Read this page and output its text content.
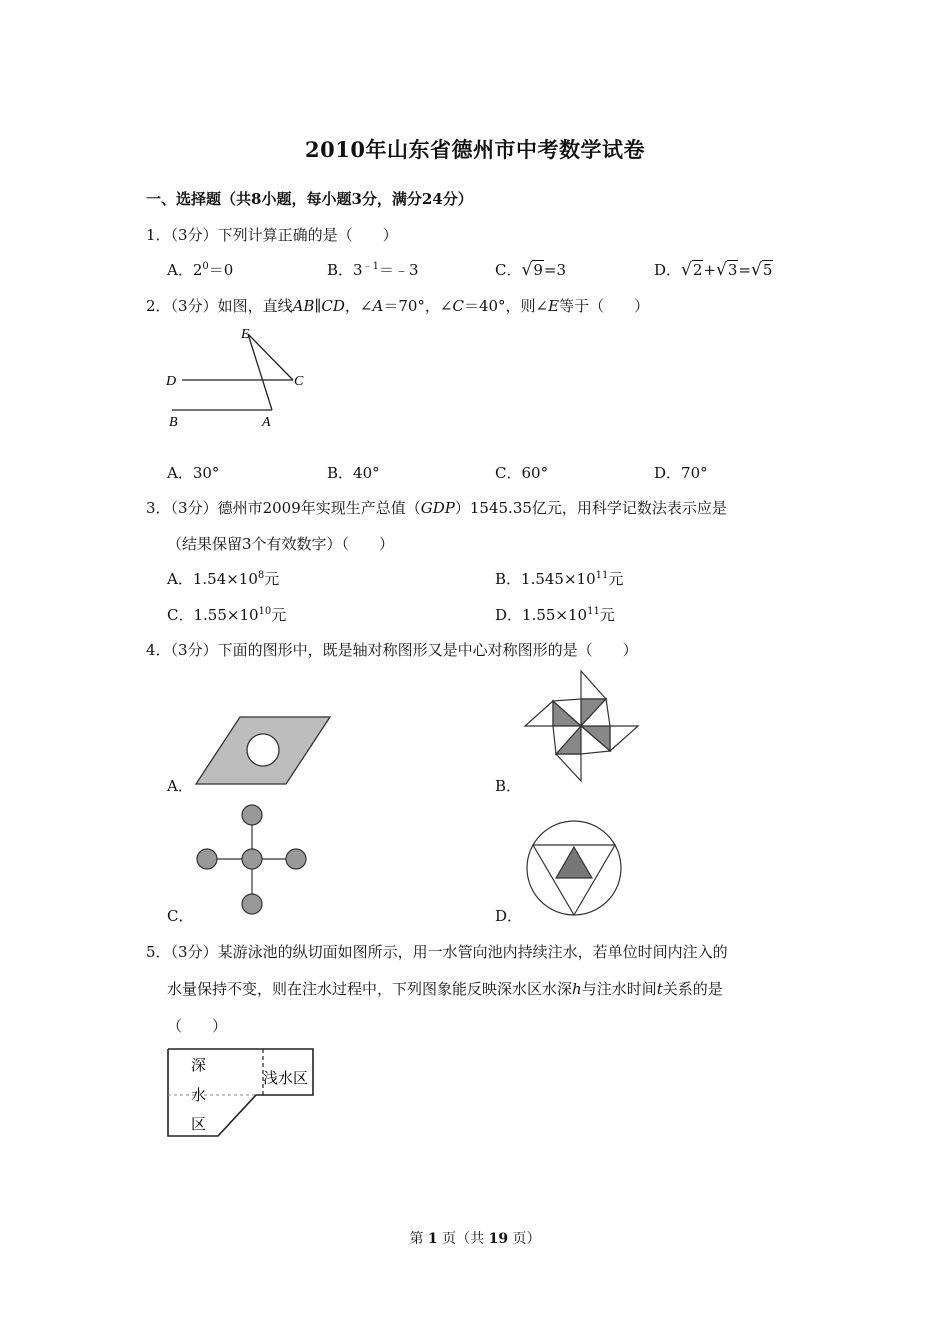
2010年山东省德州市中考数学试卷
一、选择题（共8小题，每小题3分，满分24分）
1．（3分）下列计算正确的是（　　）
A．$2^0=0$	B．$3^{﹣1}=﹣3$	C．√9=3	D．√2+√3=√5
2．（3分）如图，直线AB∥CD，∠A＝70°，∠C＝40°，则∠E等于（　　）
E
D	C
B	A
A．30°	B．40°	C．60°	D．70°
3．（3分）德州市2009年实现生产总值（GDP）1545.35亿元，用科学记数法表示应是
（结果保留3个有效数字）（　　）
A．$1.54\times 10^8$元	B．$1.545\times 10^{11}$元
C．$1.55\times 10^{10}$元	D．$1.55\times 10^{11}$元
4．（3分）下面的图形中，既是轴对称图形又是中心对称图形的是（　　）
A．	B．
C．	D．
5．（3分）某游泳池的纵切面如图所示，用一水管向池内持续注水，若单位时间内注入的
水量保持不变，则在注水过程中，下列图象能反映深水区水深h与注水时间t关系的是
（　　）
深
水
区
浅水区
第 1 页（共 19 页）
